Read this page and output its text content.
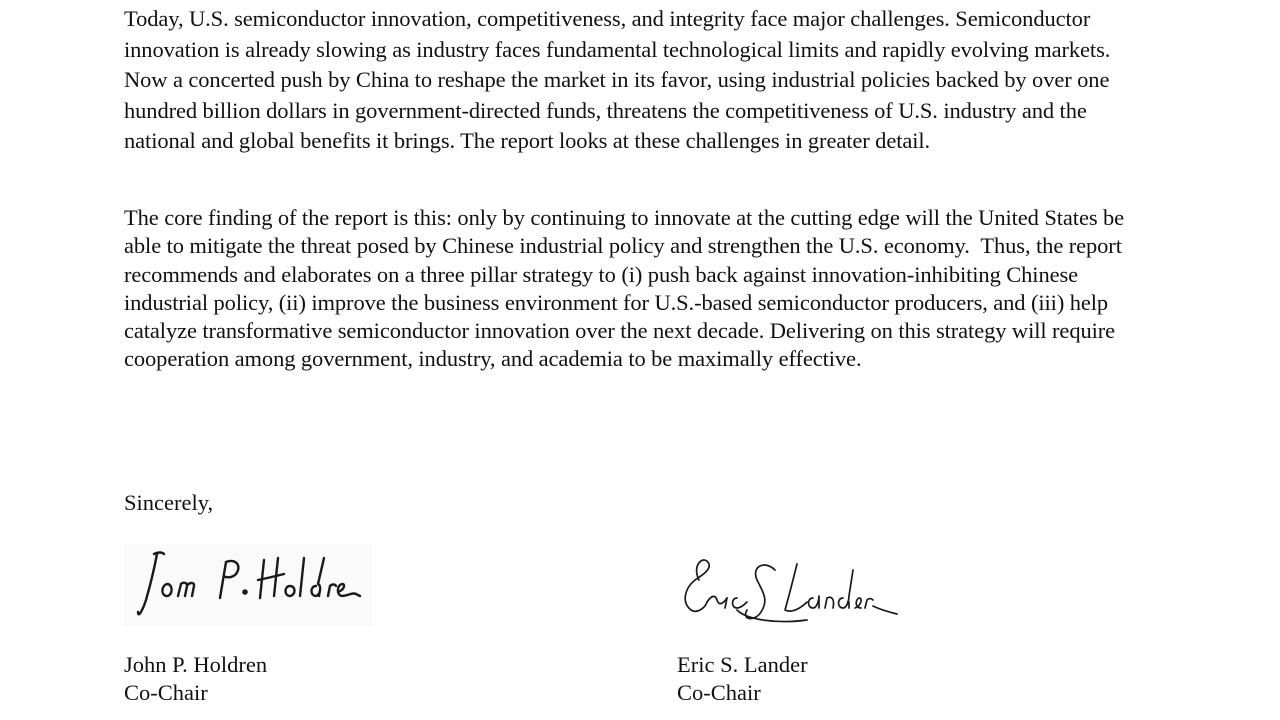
Today, U.S. semiconductor innovation, competitiveness, and integrity face major challenges. Semiconductor innovation is already slowing as industry faces fundamental technological limits and rapidly evolving markets.  Now a concerted push by China to reshape the market in its favor, using industrial policies backed by over one hundred billion dollars in government-directed funds, threatens the competitiveness of U.S. industry and the national and global benefits it brings. The report looks at these challenges in greater detail.

The core finding of the report is this: only by continuing to innovate at the cutting edge will the United States be able to mitigate the threat posed by Chinese industrial policy and strengthen the U.S. economy.  Thus, the report recommends and elaborates on a three pillar strategy to (i) push back against innovation-inhibiting Chinese industrial policy, (ii) improve the business environment for U.S.-based semiconductor producers, and (iii) help catalyze transformative semiconductor innovation over the next decade. Delivering on this strategy will require cooperation among government, industry, and academia to be maximally effective.

Sincerely,

John P. Holdren
John P. Holdren
Co-Chair
Eric S. Lander
Eric S. Lander
Co-Chair
